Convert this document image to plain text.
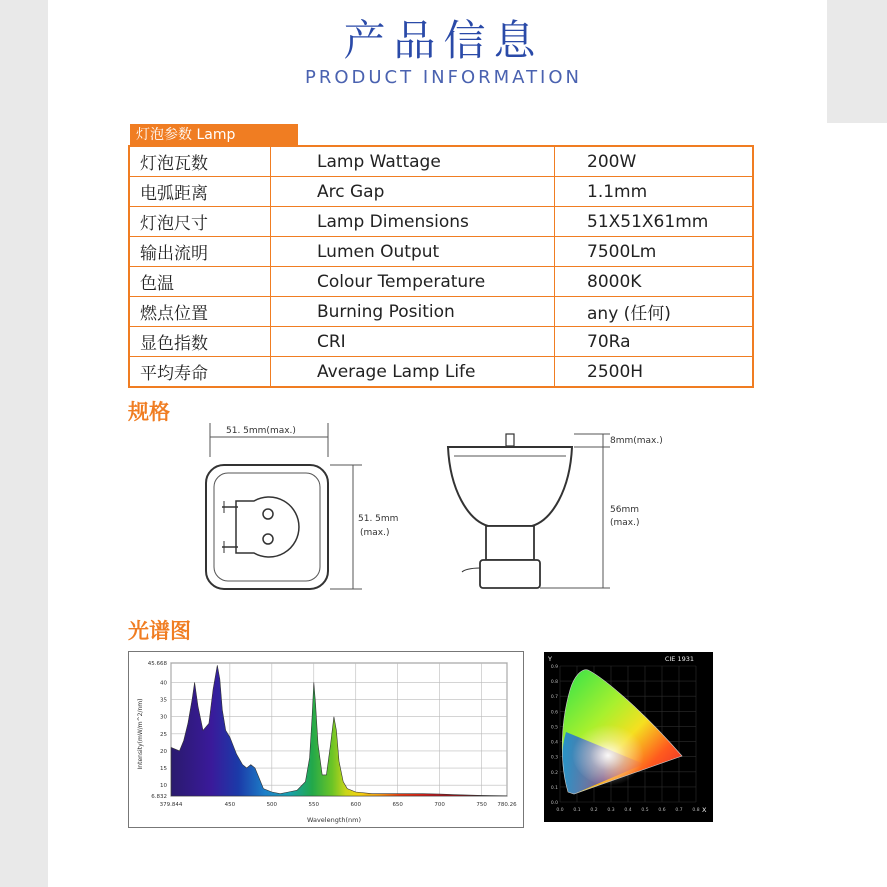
产品信息
PRODUCT INFORMATION
灯泡参数 Lamp
灯泡瓦数	Lamp Wattage	200W
电弧距离	Arc Gap	1.1mm
灯泡尺寸	Lamp Dimensions	51X51X61mm
输出流明	Lumen Output	7500Lm
色温	Colour Temperature	8000K
燃点位置	Burning Position	any (任何)
显色指数	CRI	70Ra
平均寿命	Average Lamp Life	2500H
规格
51. 5mm(max.)
51. 5mm
(max.)
8mm(max.)
56mm
(max.)
光谱图
379.844	450	500	550	600	650	700	750 780.26
45.668
40
35
30
25
20
15
10
6.832
Wavelength(nm)
Intensity(mW/m^2/nm)
CIE 1931
Y
X
0.0 0.1 0.2 0.3 0.4 0.5 0.6 0.7 0.8
0.9
0.8
0.7
0.6
0.5
0.4
0.3
0.2
0.1
0.0
